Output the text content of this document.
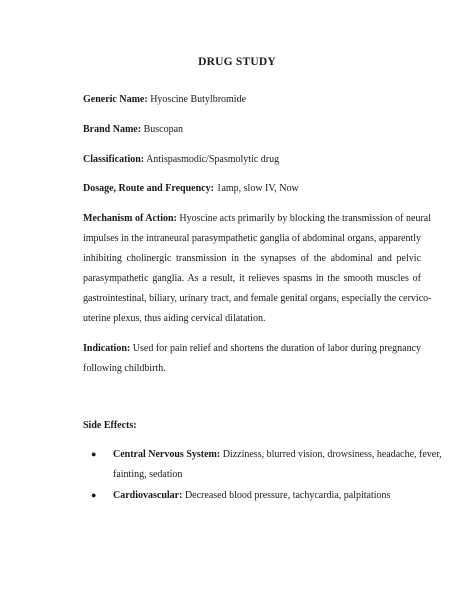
DRUG STUDY
Generic Name: Hyoscine Butylbromide
Brand Name: Buscopan
Classification: Antispasmodic/Spasmolytic drug
Dosage, Route and Frequency: 1amp, slow IV, Now
Mechanism of Action: Hyoscine acts primarily by blocking the transmission of neural
impulses in the intraneural parasympathetic ganglia of abdominal organs, apparently
inhibiting cholinergic transmission in the synapses of the abdominal and pelvic
parasympathetic ganglia. As a result, it relieves spasms in the smooth muscles of
gastrointestinal, biliary, urinary tract, and female genital organs, especially the cervico-
uterine plexus, thus aiding cervical dilatation.
Indication: Used for pain relief and shortens the duration of labor during pregnancy
following childbirth.
Side Effects:
● Central Nervous System: Dizziness, blurred vision, drowsiness, headache, fever,
fainting, sedation
● Cardiovascular: Decreased blood pressure, tachycardia, palpitations
